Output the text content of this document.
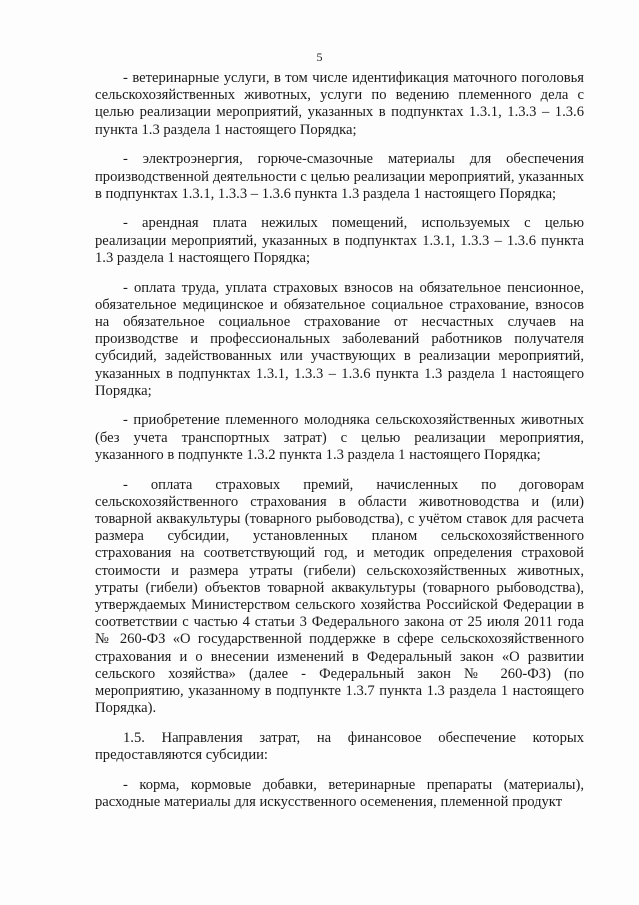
5

- ветеринарные услуги, в том числе идентификация маточного поголовья сельскохозяйственных животных, услуги по ведению племенного дела с целью реализации мероприятий, указанных в подпунктах 1.3.1, 1.3.3 – 1.3.6 пункта 1.3 раздела 1 настоящего Порядка;

- электроэнергия, горюче-смазочные материалы для обеспечения производственной деятельности с целью реализации мероприятий, указанных в подпунктах 1.3.1, 1.3.3 – 1.3.6 пункта 1.3 раздела 1 настоящего Порядка;

- арендная плата нежилых помещений, используемых с целью реализации мероприятий, указанных в подпунктах 1.3.1, 1.3.3 – 1.3.6 пункта 1.3 раздела 1 настоящего Порядка;

- оплата труда, уплата страховых взносов на обязательное пенсионное, обязательное медицинское и обязательное социальное страхование, взносов на обязательное социальное страхование от несчастных случаев на производстве и профессиональных заболеваний работников получателя субсидий, задействованных или участвующих в реализации мероприятий, указанных в подпунктах 1.3.1, 1.3.3 – 1.3.6 пункта 1.3 раздела 1 настоящего Порядка;

- приобретение племенного молодняка сельскохозяйственных животных (без учета транспортных затрат) с целью реализации мероприятия, указанного в подпункте 1.3.2 пункта 1.3 раздела 1 настоящего Порядка;

- оплата страховых премий, начисленных по договорам сельскохозяйственного страхования в области животноводства и (или) товарной аквакультуры (товарного рыбоводства), с учётом ставок для расчета размера субсидии, установленных планом сельскохозяйственного страхования на соответствующий год, и методик определения страховой стоимости и размера утраты (гибели) сельскохозяйственных животных, утраты (гибели) объектов товарной аквакультуры (товарного рыбоводства), утверждаемых Министерством сельского хозяйства Российской Федерации в соответствии с частью 4 статьи 3 Федерального закона от 25 июля 2011 года № 260-ФЗ «О государственной поддержке в сфере сельскохозяйственного страхования и о внесении изменений в Федеральный закон «О развитии сельского хозяйства» (далее - Федеральный закон № 260-ФЗ) (по мероприятию, указанному в подпункте 1.3.7 пункта 1.3 раздела 1 настоящего Порядка).

1.5. Направления затрат, на финансовое обеспечение которых предоставляются субсидии:

- корма, кормовые добавки, ветеринарные препараты (материалы), расходные материалы для искусственного осеменения, племенной продукт
